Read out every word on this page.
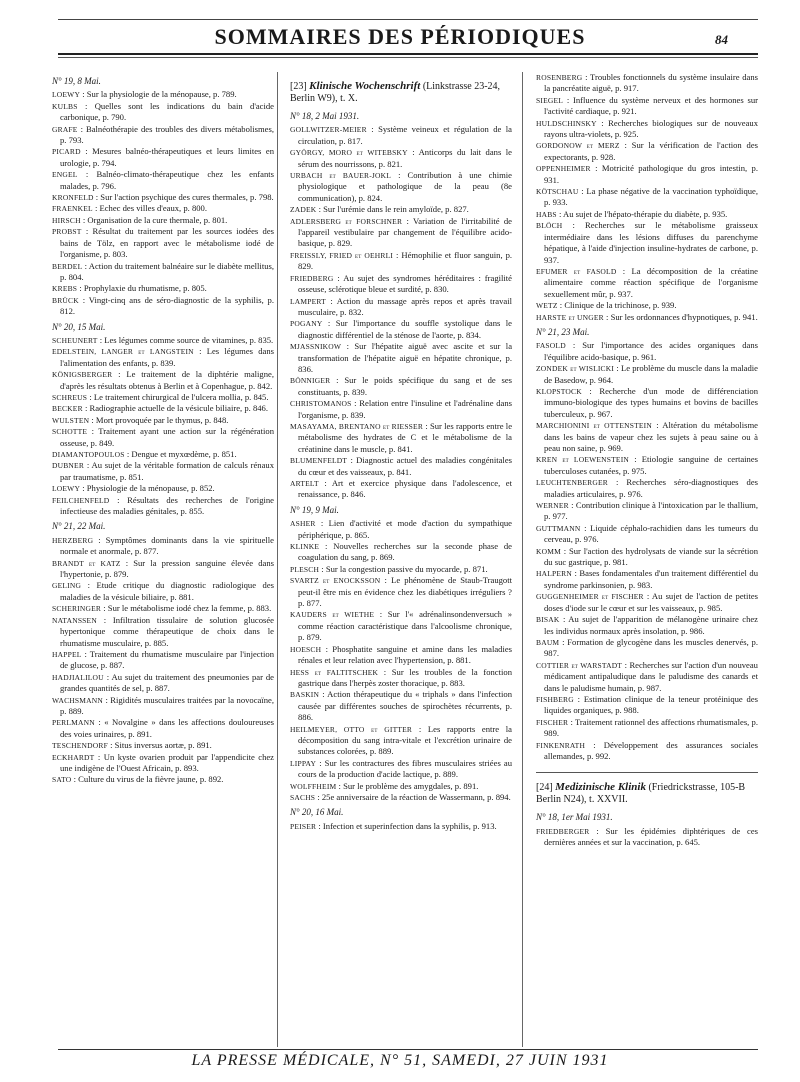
SOMMAIRES DES PÉRIODIQUES	84
N° 19, 8 Mai.

LOEWY : Sur la physiologie de la ménopause, p. 789.

KULBS : Quelles sont les indications du bain d'acide carbonique, p. 790.

GRAFE : Balnéothérapie des troubles des divers métabolismes, p. 793.

PICARD : Mesures balnéo-thérapeutiques et leurs limites en urologie, p. 794.

ENGEL : Balnéo-climato-thérapeutique chez les enfants malades, p. 796.

KRONFELD : Sur l'action psychique des cures thermales, p. 798.

FRAENKEL : Echec des villes d'eaux, p. 800.

HIRSCH : Organisation de la cure thermale, p. 801.

PROBST : Résultat du traitement par les sources iodées des bains de Tölz, en rapport avec le métabolisme iodé de l'organisme, p. 803.

BERDEL : Action du traitement balnéaire sur le diabète mellitus, p. 804.

KREBS : Prophylaxie du rhumatisme, p. 805.

BRÜCK : Vingt-cinq ans de séro-diagnostic de la syphilis, p. 812.

N° 20, 15 Mai.

SCHEUNERT : Les légumes comme source de vitamines, p. 835.

EDELSTEIN, LANGER et LANGSTEIN : Les légumes dans l'alimentation des enfants, p. 839.

KÖNIGSBERGER : Le traitement de la diphtérie maligne, d'après les résultats obtenus à Berlin et à Copenhague, p. 842.

SCHREUS : Le traitement chirurgical de l'ulcera mollia, p. 845.

BECKER : Radiographie actuelle de la vésicule biliaire, p. 846.

WULSTEN : Mort provoquée par le thymus, p. 848.

SCHOTTE : Traitement ayant une action sur la régénération osseuse, p. 849.

DIAMANTOPOULOS : Dengue et myxœdème, p. 851.

DUBNER : Au sujet de la véritable formation de calculs rénaux par traumatisme, p. 851.

LOEWY : Physiologie de la ménopause, p. 852.

FEILCHENFELD : Résultats des recherches de l'origine infectieuse des maladies génitales, p. 855.

N° 21, 22 Mai.

HERZBERG : Symptômes dominants dans la vie spirituelle normale et anormale, p. 877.

BRANDT et KATZ : Sur la pression sanguine élevée dans l'hypertonie, p. 879.

GELING : Etude critique du diagnostic radiologique des maladies de la vésicule biliaire, p. 881.

SCHERINGER : Sur le métabolisme iodé chez la femme, p. 883.

NATANSSEN : Infiltration tissulaire de solution glucosée hypertonique comme thérapeutique de choix dans le rhumatisme musculaire, p. 885.

HAPPEL : Traitement du rhumatisme musculaire par l'injection de glucose, p. 887.

HADJIALILOU : Au sujet du traitement des pneumonies par de grandes quantités de sel, p. 887.

WACHSMANN : Rigidités musculaires traitées par la novocaïne, p. 889.

PERLMANN : « Novalgine » dans les affections douloureuses des voies urinaires, p. 891.

TESCHENDORF : Situs inversus aortæ, p. 891.

ECKHARDT : Un kyste ovarien produit par l'appendicite chez une indigène de l'Ouest Africain, p. 893.

SATO : Culture du virus de la fièvre jaune, p. 892.

[23] Klinische Wochenschrift (Linkstrasse 23-24, Berlin W9), t. X.
N° 18, 2 Mai 1931.

GOLLWITZER-MEIER : Système veineux et régulation de la circulation, p. 817.

GYÖRGY, MORO et WITEBSKY : Anticorps du lait dans le sérum des nourrissons, p. 821.

URBACH et BAUER-JOKL : Contribution à une chimie physiologique et pathologique de la peau (8e communication), p. 824.

ZADEK : Sur l'urémie dans le rein amyloïde, p. 827.

ADLERSBERG et FORSCHNER : Variation de l'irritabilité de l'appareil vestibulaire par changement de l'équilibre acido-basique, p. 829.

FREISSLY, FRIED et OEHRLI : Hémophilie et fluor sanguin, p. 829.

FRIEDBERG : Au sujet des syndromes héréditaires : fragilité osseuse, sclérotique bleue et surdité, p. 830.

LAMPERT : Action du massage après repos et après travail musculaire, p. 832.

POGANY : Sur l'importance du souffle systolique dans le diagnostic différentiel de la sténose de l'aorte, p. 834.

MJASSNIKOW : Sur l'hépatite aiguë avec ascite et sur la transformation de l'hépatite aiguë en hépatite chronique, p. 836.

BÖNNIGER : Sur le poids spécifique du sang et de ses constituants, p. 839.

CHRISTOMANOS : Relation entre l'insuline et l'adrénaline dans l'organisme, p. 839.

MASAYAMA, BRENTANO et RIESSER : Sur les rapports entre le métabolisme des hydrates de C et le métabolisme de la créatinine dans le muscle, p. 841.

BLUMENFELDT : Diagnostic actuel des maladies congénitales du cœur et des vaisseaux, p. 841.

ARTELT : Art et exercice physique dans l'adolescence, et renaissance, p. 846.

N° 19, 9 Mai.

ASHER : Lien d'activité et mode d'action du sympathique périphérique, p. 865.

KLINKE : Nouvelles recherches sur la seconde phase de coagulation du sang, p. 869.

PLESCH : Sur la congestion passive du myocarde, p. 871.

SVARTZ et ENOCKSSON : Le phénomène de Staub-Traugott peut-il être mis en évidence chez les diabétiques irréguliers ? p. 877.

KAUDERS et WIETHE : Sur l'« adrénalinsondenversuch » comme réaction caractéristique dans l'alcoolisme chronique, p. 879.

HOESCH : Phosphatite sanguine et amine dans les maladies rénales et leur relation avec l'hypertension, p. 881.

HESS et FALTITSCHEK : Sur les troubles de la fonction gastrique dans l'herpès zoster thoracique, p. 883.

BASKIN : Action thérapeutique du « triphals » dans l'infection causée par différentes souches de spirochètes récurrents, p. 886.

HEILMEYER, OTTO et GITTER : Les rapports entre la décomposition du sang intra-vitale et l'excrétion urinaire de substances colorées, p. 889.

LIPPAY : Sur les contractures des fibres musculaires striées au cours de la production d'acide lactique, p. 889.

WOLFFHEIM : Sur le problème des amygdales, p. 891.

SACHS : 25e anniversaire de la réaction de Wassermann, p. 894.

N° 20, 16 Mai.

PEISER : Infection et superinfection dans la syphilis, p. 913.

ROSENBERG : Troubles fonctionnels du système insulaire dans la pancréatite aiguë, p. 917.

SIEGEL : Influence du système nerveux et des hormones sur l'activité cardiaque, p. 921.

HULDSCHINSKY : Recherches biologiques sur de nouveaux rayons ultra-violets, p. 925.

GORDONOW et MERZ : Sur la vérification de l'action des expectorants, p. 928.

OPPENHEIMER : Motricité pathologique du gros intestin, p. 931.

KÖTSCHAU : La phase négative de la vaccination typhoïdique, p. 933.

HABS : Au sujet de l'hépato-thérapie du diabète, p. 935.

BLÖCH : Recherches sur le métabolisme graisseux intermédiaire dans les lésions diffuses du parenchyme hépatique, à l'aide d'injection insuline-hydrates de carbone, p. 937.

EFUMER et FASOLD : La décomposition de la créatine alimentaire comme réaction spécifique de l'organisme sexuellement mûr, p. 937.

WETZ : Clinique de la trichinose, p. 939.

HARSTE et UNGER : Sur les ordonnances d'hypnotiques, p. 941.

N° 21, 23 Mai.

FASOLD : Sur l'importance des acides organiques dans l'équilibre acido-basique, p. 961.

ZONDEK et WISLICKI : Le problème du muscle dans la maladie de Basedow, p. 964.

KLOPSTOCK : Recherche d'un mode de différenciation immuno-biologique des types humains et bovins de bacilles tuberculeux, p. 967.

MARCHIONINI et OTTENSTEIN : Altération du métabolisme dans les bains de vapeur chez les sujets à peau saine ou à peau non saine, p. 969.

KREN et LOEWENSTEIN : Etiologie sanguine de certaines tuberculoses cutanées, p. 975.

LEUCHTENBERGER : Recherches séro-diagnostiques des maladies articulaires, p. 976.

WERNER : Contribution clinique à l'intoxication par le thallium, p. 977.

GUTTMANN : Liquide céphalo-rachidien dans les tumeurs du cerveau, p. 976.

KOMM : Sur l'action des hydrolysats de viande sur la sécrétion du suc gastrique, p. 981.

HALPERN : Bases fondamentales d'un traitement différentiel du syndrome parkinsonien, p. 983.

GUGGENHEIMER et FISCHER : Au sujet de l'action de petites doses d'iode sur le cœur et sur les vaisseaux, p. 985.

BISAK : Au sujet de l'apparition de mélanogène urinaire chez les individus normaux après insolation, p. 986.

BAUM : Formation de glycogène dans les muscles denervés, p. 987.

COTTIER et WARSTADT : Recherches sur l'action d'un nouveau médicament antipaludique dans le paludisme des canards et dans le paludisme humain, p. 987.

FISHBERG : Estimation clinique de la teneur protéinique des liquides organiques, p. 988.

FISCHER : Traitement rationnel des affections rhumatismales, p. 989.

FINKENRATH : Développement des assurances sociales allemandes, p. 992.

[24] Medizinische Klinik (Friedrickstrasse, 105-B Berlin N24), t. XXVII.
N° 18, 1er Mai 1931.

FRIEDBERGER : Sur les épidémies diphtériques de ces dernières années et sur la vaccination, p. 645.

LA PRESSE MÉDICALE, N° 51, SAMEDI, 27 JUIN 1931
